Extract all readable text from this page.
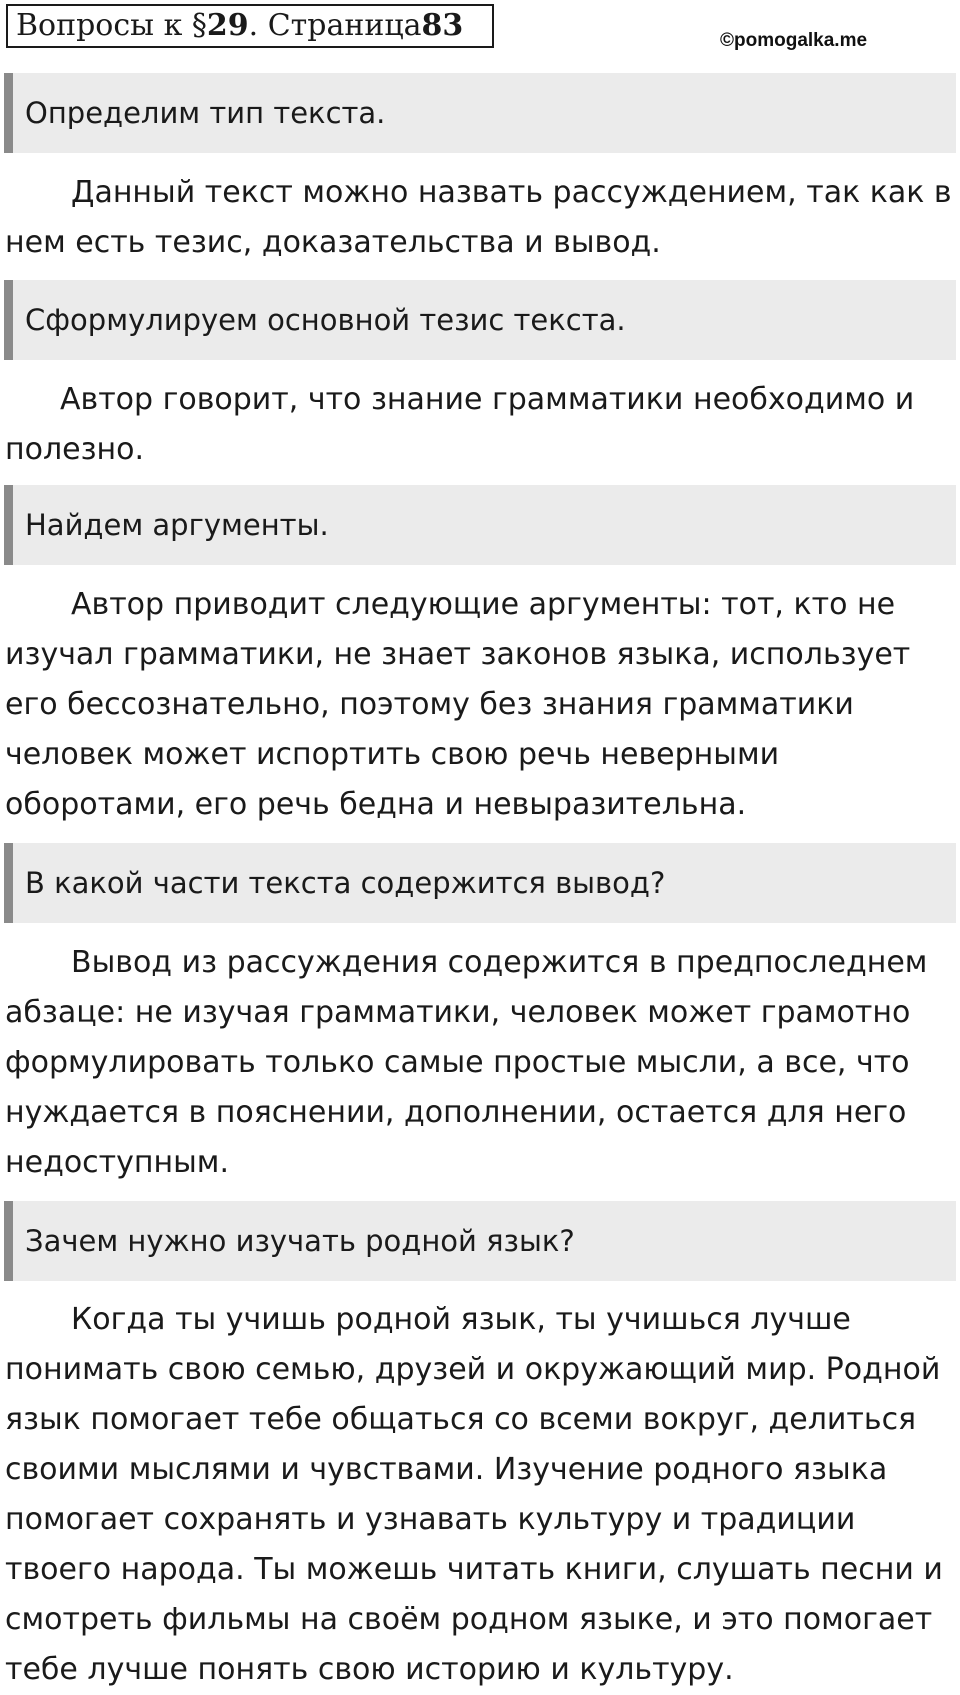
Вопросы к § 29 . Страница 83	©pomogalka.me
Определим тип текста.

Данный текст можно назвать рассуждением, так как в нем есть тезис, доказательства и вывод.

Сформулируем основной тезис текста.

Автор говорит, что знание грамматики необходимо и полезно.

Найдем аргументы.

Автор приводит следующие аргументы: тот, кто не изучал грамматики, не знает законов языка, использует его бессознательно, поэтому без знания грамматики человек может испортить свою речь неверными оборотами, его речь бедна и невыразительна.

В какой части текста содержится вывод?

Вывод из рассуждения содержится в предпоследнем абзаце: не изучая грамматики, человек может грамотно формулировать только самые простые мысли, а все, что нуждается в пояснении, дополнении, остается для него недоступным.

Зачем нужно изучать родной язык?

Когда ты учишь родной язык, ты учишься лучше понимать свою семью, друзей и окружающий мир. Родной язык помогает тебе общаться со всеми вокруг, делиться своими мыслями и чувствами. Изучение родного языка помогает сохранять и узнавать культуру и традиции твоего народа. Ты можешь читать книги, слушать песни и смотреть фильмы на своём родном языке, и это помогает тебе лучше понять свою историю и культуру.
